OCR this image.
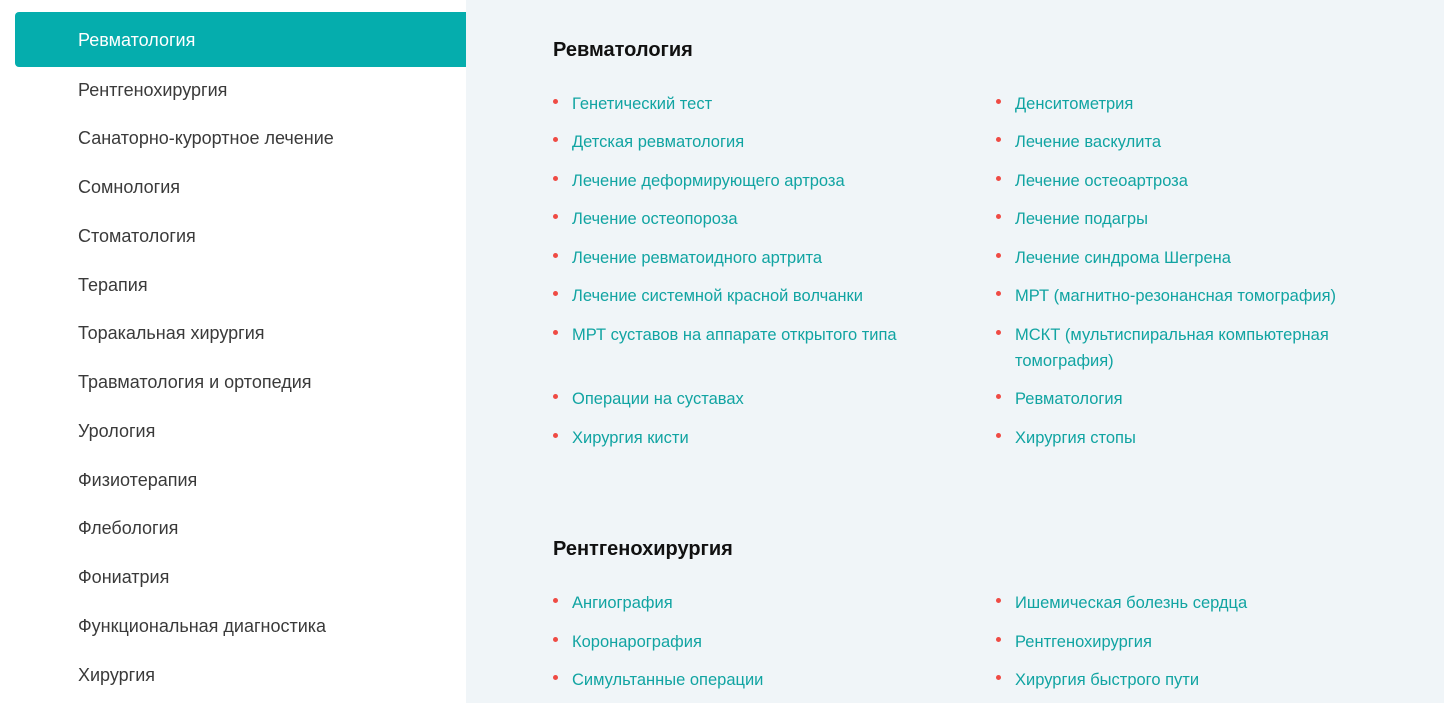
Ревматология
Рентгенохирургия
Санаторно-курортное лечение
Сомнология
Стоматология
Терапия
Торакальная хирургия
Травматология и ортопедия
Урология
Физиотерапия
Флебология
Фониатрия
Функциональная диагностика
Хирургия
Ревматология
Генетический тест
Детская ревматология
Лечение деформирующего артроза
Лечение остеопороза
Лечение ревматоидного артрита
Лечение системной красной волчанки
МРТ суставов на аппарате открытого типа
Операции на суставах
Хирургия кисти
Денситометрия
Лечение васкулита
Лечение остеоартроза
Лечение подагры
Лечение синдрома Шегрена
МРТ (магнитно-резонансная томография)
МСКТ (мультиспиральная компьютерная томография)
Ревматология
Хирургия стопы
Рентгенохирургия
Ангиография
Коронарография
Симультанные операции
Ишемическая болезнь сердца
Рентгенохирургия
Хирургия быстрого пути
